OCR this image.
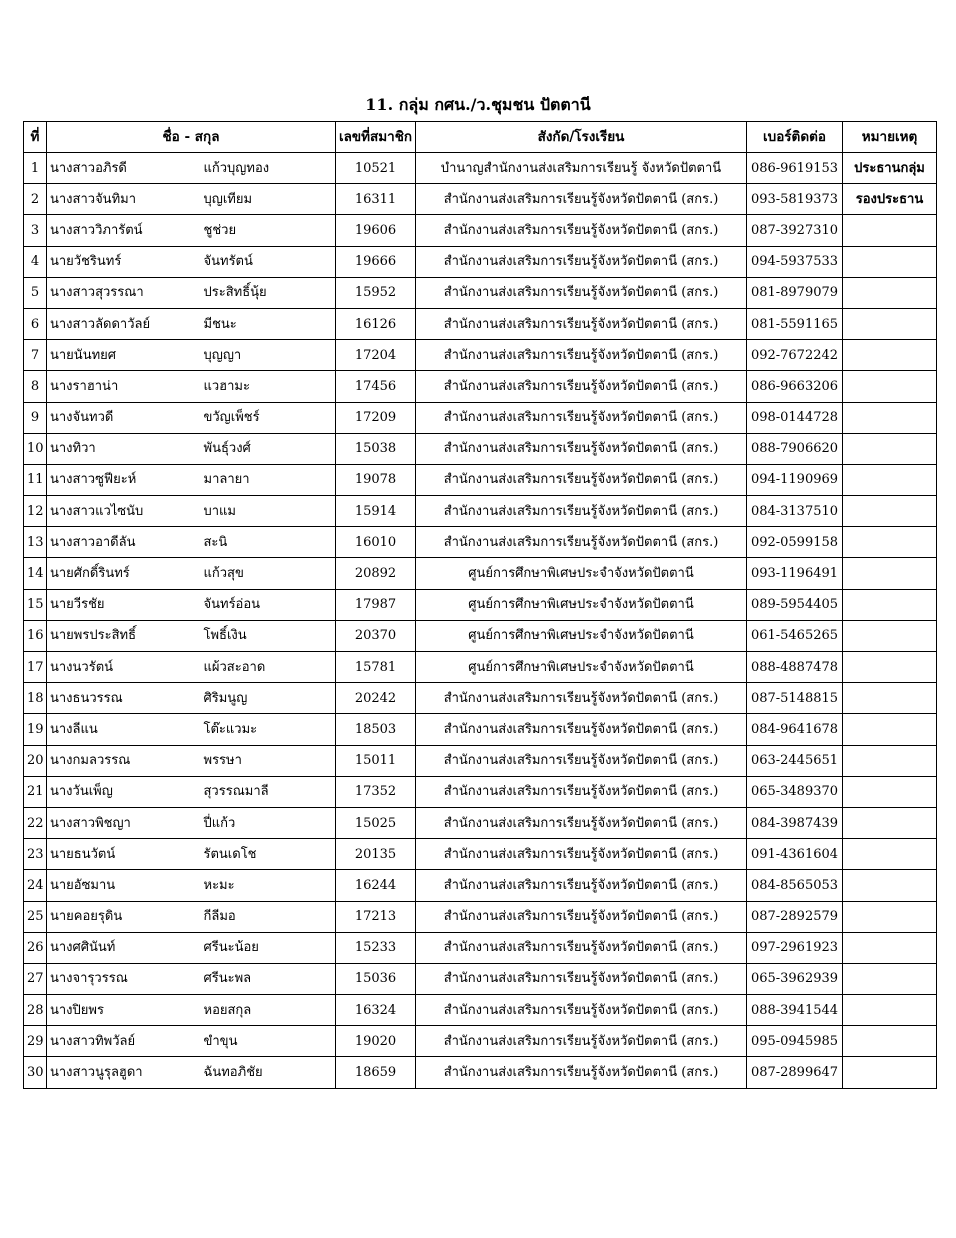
11. กลุ่ม กศน./ว.ชุมชน ปัตตานี
ที่	ชื่อ - สกุล		เลขที่สมาชิก	สังกัด/โรงเรียน	เบอร์ติดต่อ	หมายเหตุ
1	นางสาวอภิรดี	แก้วบุญทอง	10521	บำนาญสำนักงานส่งเสริมการเรียนรู้ จังหวัดปัตตานี	086-9619153	ประธานกลุ่ม
2	นางสาวจันทิมา	บุญเทียม	16311	สำนักงานส่งเสริมการเรียนรู้จังหวัดปัตตานี (สกร.)	093-5819373	รองประธาน
3	นางสาววิภารัตน์	ชูช่วย	19606	สำนักงานส่งเสริมการเรียนรู้จังหวัดปัตตานี (สกร.)	087-3927310	
4	นายวัชรินทร์	จันทรัตน์	19666	สำนักงานส่งเสริมการเรียนรู้จังหวัดปัตตานี (สกร.)	094-5937533	
5	นางสาวสุวรรณา	ประสิทธิ์นุ้ย	15952	สำนักงานส่งเสริมการเรียนรู้จังหวัดปัตตานี (สกร.)	081-8979079	
6	นางสาวลัดดาวัลย์	มีชนะ	16126	สำนักงานส่งเสริมการเรียนรู้จังหวัดปัตตานี (สกร.)	081-5591165	
7	นายนันทยศ	บุญญา	17204	สำนักงานส่งเสริมการเรียนรู้จังหวัดปัตตานี (สกร.)	092-7672242	
8	นางราฮาน่า	แวฮามะ	17456	สำนักงานส่งเสริมการเรียนรู้จังหวัดปัตตานี (สกร.)	086-9663206	
9	นางจันทวดี	ขวัญเพ็ชร์	17209	สำนักงานส่งเสริมการเรียนรู้จังหวัดปัตตานี (สกร.)	098-0144728	
10	นางทิวา	พันธุ์วงศ์	15038	สำนักงานส่งเสริมการเรียนรู้จังหวัดปัตตานี (สกร.)	088-7906620	
11	นางสาวซูฟียะห์	มาลายา	19078	สำนักงานส่งเสริมการเรียนรู้จังหวัดปัตตานี (สกร.)	094-1190969	
12	นางสาวแวไซนับ	บาแม	15914	สำนักงานส่งเสริมการเรียนรู้จังหวัดปัตตานี (สกร.)	084-3137510	
13	นางสาวอาดีลัน	สะนิ	16010	สำนักงานส่งเสริมการเรียนรู้จังหวัดปัตตานี (สกร.)	092-0599158	
14	นายศักดิ์รินทร์	แก้วสุข	20892	ศูนย์การศึกษาพิเศษประจำจังหวัดปัตตานี	093-1196491	
15	นายวีรชัย	จันทร์อ่อน	17987	ศูนย์การศึกษาพิเศษประจำจังหวัดปัตตานี	089-5954405	
16	นายพรประสิทธิ์	โพธิ์เงิน	20370	ศูนย์การศึกษาพิเศษประจำจังหวัดปัตตานี	061-5465265	
17	นางนวรัตน์	แผ้วสะอาด	15781	ศูนย์การศึกษาพิเศษประจำจังหวัดปัตตานี	088-4887478	
18	นางธนวรรณ	ศิริมนูญ	20242	สำนักงานส่งเสริมการเรียนรู้จังหวัดปัตตานี (สกร.)	087-5148815	
19	นางลีแน	โต๊ะแวมะ	18503	สำนักงานส่งเสริมการเรียนรู้จังหวัดปัตตานี (สกร.)	084-9641678	
20	นางกมลวรรณ	พรรษา	15011	สำนักงานส่งเสริมการเรียนรู้จังหวัดปัตตานี (สกร.)	063-2445651	
21	นางวันเพ็ญ	สุวรรณมาลี	17352	สำนักงานส่งเสริมการเรียนรู้จังหวัดปัตตานี (สกร.)	065-3489370	
22	นางสาวพิชญา	ปี่แก้ว	15025	สำนักงานส่งเสริมการเรียนรู้จังหวัดปัตตานี (สกร.)	084-3987439	
23	นายธนวัตน์	รัตนเดโช	20135	สำนักงานส่งเสริมการเรียนรู้จังหวัดปัตตานี (สกร.)	091-4361604	
24	นายอัซมาน	หะมะ	16244	สำนักงานส่งเสริมการเรียนรู้จังหวัดปัตตานี (สกร.)	084-8565053	
25	นายคอยรุดิน	กีลีมอ	17213	สำนักงานส่งเสริมการเรียนรู้จังหวัดปัตตานี (สกร.)	087-2892579	
26	นางศศินันท์	ศรีนะน้อย	15233	สำนักงานส่งเสริมการเรียนรู้จังหวัดปัตตานี (สกร.)	097-2961923	
27	นางจารุวรรณ	ศรีนะพล	15036	สำนักงานส่งเสริมการเรียนรู้จังหวัดปัตตานี (สกร.)	065-3962939	
28	นางปิยพร	หอยสกุล	16324	สำนักงานส่งเสริมการเรียนรู้จังหวัดปัตตานี (สกร.)	088-3941544	
29	นางสาวทิพวัลย์	ขำขุน	19020	สำนักงานส่งเสริมการเรียนรู้จังหวัดปัตตานี (สกร.)	095-0945985	
30	นางสาวนูรุลฮูดา	ฉันทอภิชัย	18659	สำนักงานส่งเสริมการเรียนรู้จังหวัดปัตตานี (สกร.)	087-2899647	
